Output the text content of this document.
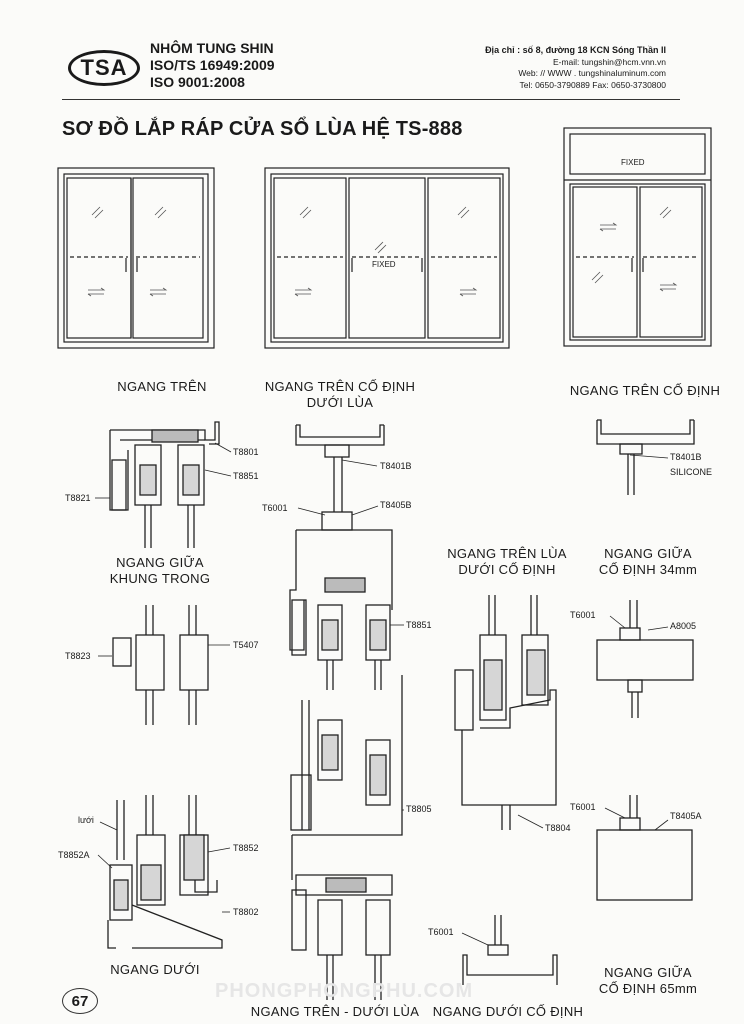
TSA
NHÔM TUNG SHIN
ISO/TS 16949:2009
ISO 9001:2008
Địa chỉ : số 8, đường 18 KCN Sóng Thần II
E-mail: tungshin@hcm.vnn.vn
Web: // WWW . tungshinaluminum.com
Tel: 0650-3790889 Fax: 0650-3730800
SƠ ĐỒ LẮP RÁP CỬA SỔ LÙA HỆ TS-888
FIXED
FIXED
NGANG TRÊN	NGANG TRÊN CỐ ĐỊNH
DƯỚI LÙA
NGANG TRÊN CỐ ĐỊNH
NGANG GIỮA
KHUNG TRONG
NGANG TRÊN LÙA
DƯỚI CỐ ĐỊNH
NGANG GIỮA
CỐ ĐỊNH 34mm
NGANG DƯỚI
NGANG TRÊN - DƯỚI LÙA	NGANG DƯỚI CỐ ĐỊNH
NGANG GIỮA
CỐ ĐỊNH 65mm
T8801
T8851
T8821
T8401B
T6001	T8405B
T8401B
SILICONE
T8823
T5407
T8851
T6001
A8005
T8805
T8804
T6001
T8405A
lưới
T8852A
T8852
T8802
T6001
67	PHONGPHONGPHU.COM
